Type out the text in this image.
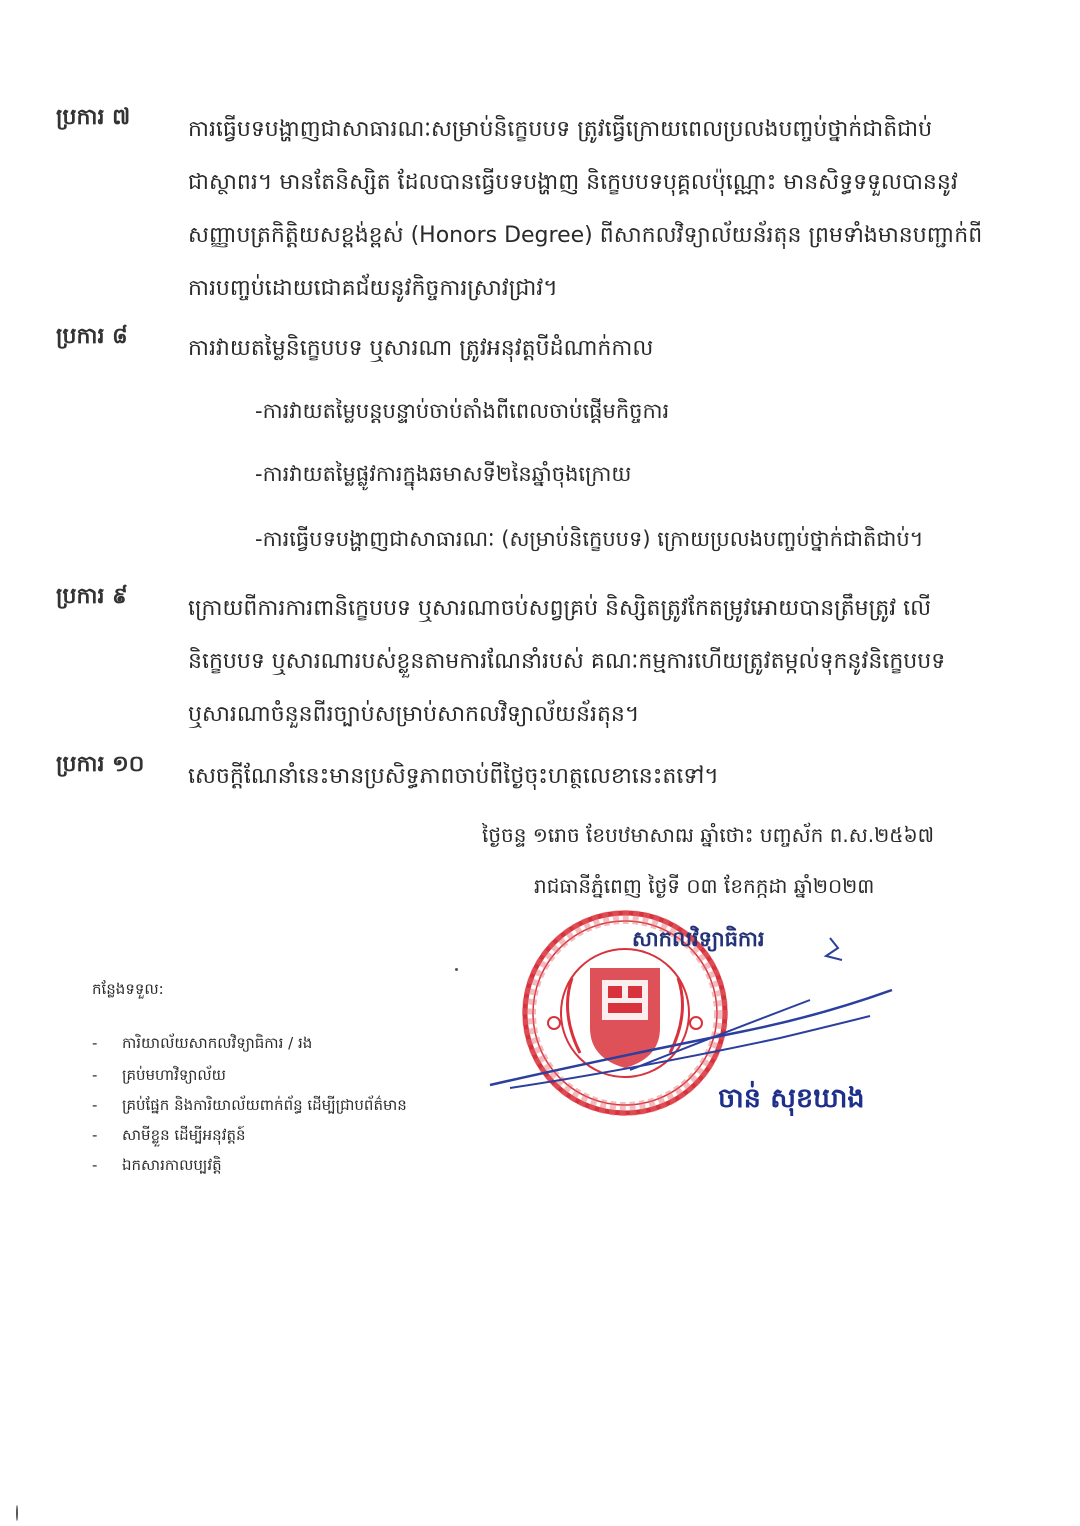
ប្រការ ៧	ការធ្វើបទបង្ហាញជាសាធារណៈសម្រាប់និក្ខេបបទ ត្រូវធ្វើក្រោយពេលប្រលងបញ្ចប់ថ្នាក់ជាតិជាប់
ជាស្ថាពរ។ មានតែនិស្សិត ដែលបានធ្វើបទបង្ហាញ និក្ខេបបទបុគ្គលប៉ុណ្ណោះ មានសិទ្ធទទួលបាននូវ
សញ្ញាបត្រកិត្តិយសខ្ពង់ខ្ពស់ (Honors Degree) ពីសាកលវិទ្យាល័យន័រតុន ព្រមទាំងមានបញ្ជាក់ពី
ការបញ្ចប់ដោយជោគជ័យនូវកិច្ចការស្រាវជ្រាវ។
ប្រការ ៨	ការវាយតម្លៃនិក្ខេបបទ ឬសារណា ត្រូវអនុវត្តបីដំណាក់កាល
-ការវាយតម្លៃបន្តបន្ទាប់ចាប់តាំងពីពេលចាប់ផ្ដើមកិច្ចការ
-ការវាយតម្លៃផ្លូវការក្នុងឆមាសទី២នៃឆ្នាំចុងក្រោយ
-ការធ្វើបទបង្ហាញជាសាធារណៈ (សម្រាប់និក្ខេបបទ) ក្រោយប្រលងបញ្ចប់ថ្នាក់ជាតិជាប់។
ប្រការ ៩	ក្រោយពីការការពានិក្ខេបបទ ឬសារណាចប់សព្វគ្រប់ និស្សិតត្រូវកែតម្រូវអោយបានត្រឹមត្រូវ លើ
និក្ខេបបទ ឬសារណារបស់ខ្លួនតាមការណែនាំរបស់ គណៈកម្មការហើយត្រូវតម្កល់ទុកនូវនិក្ខេបបទ
ឬសារណាចំនួនពីរច្បាប់សម្រាប់សាកលវិទ្យាល័យន័រតុន។
ប្រការ ១០	សេចក្តីណែនាំនេះមានប្រសិទ្ធភាពចាប់ពីថ្ងៃចុះហត្ថលេខានេះតទៅ។
ថ្ងៃចន្ទ ១រោច ខែបឋមាសាឍ ឆ្នាំថោះ បញ្ចស័ក ព.ស.២៥៦៧
រាជធានីភ្នំពេញ ថ្ងៃទី ០៣ ខែកក្កដា ឆ្នាំ២០២៣
សាកលវិទ្យាធិការ
ចាន់ សុខឃាង
កន្លែងទទួល:
- ការិយាល័យសាកលវិទ្យាធិការ / រង
- គ្រប់មហាវិទ្យាល័យ
- គ្រប់ផ្នែក និងការិយាល័យពាក់ព័ន្ធ ដើម្បីជ្រាបព័ត៌មាន
- សាមីខ្លួន ដើម្បីអនុវត្តន៍
- ឯកសារកាលប្បវត្តិ
